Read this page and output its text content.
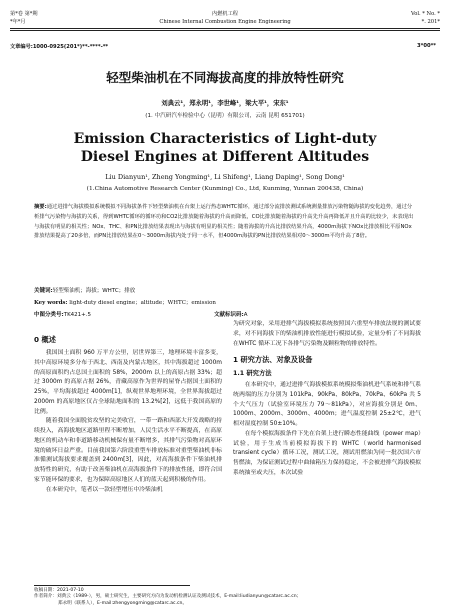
第*卷 第*期	内燃机工程	Vol. * No. *
*年*月	Chinese Internal Combustion Engine Engineering	*. 201*
文章编号:1000-0925(201*)**-****-**	3*00**
轻型柴油机在不同海拔高度的排放特性研究
刘典云¹，郑永明¹，李世峰¹，梁大平¹，宋东¹
(1. 中汽研汽车检验中心（昆明）有限公司，云南 昆明 651701)
Emission Characteristics of Light-duty Diesel Engines at Different Altitudes
Liu Dianyun¹, Zheng Yongming¹, Li Shifeng¹, Liang Daping¹, Song Dong¹
(1.China Automotive Research Center (Kunming) Co., Ltd, Kunming, Yunnan 200438, China)
摘要:通过进排气海拔模拟系统模拟不同海拔条件下轻型柴油机在台架上运行热态WHTC循环，通过部分流排放测试系统测量排放污染物随海拔的变化趋势，通过分析排气污染物与海拔的关系，得到WHTC循环的循环功和CO2比排放随着海拔的升高而降低，CO比排放随着海拔的升高先升高再降低并且升高的比较少，未表现出与海拔有明显的相关性；NOx、THC、和PN比排放结果表现出与海拔有明显的相关性；随着海拔的升高比排放结果升高，4000m海拔下NOx比排放相比平原NOx排放结果提高了20多倍，而PN比排放结果在0～3000m海拔内处于同一水平，但4000m海拔的PN比排放结果相对0～3000m平均升高了8倍。
关键词:轻型柴油机；海拔；WHTC；排放
Key words: light-duty diesel engine；altitude；WHTC；emission
中图分类号:TK421+.5	文献标识码:A
0 概述

我国国土面积 960 万平方公里，居世界第三，地理环境丰富多变，其中高原环境多分布于西北、西南及内蒙古地区，其中海拔超过 1000m 的高原面积约占总国土面积的 58%，2000m 以上的高原占据 33%；超过 3000m 的高原占据 26%，青藏高原作为世界的屋脊占据国土面积的 25%，平均海拔超过 4000m[1]，纵观世界地理环境，全世界海拔超过 2000m 的高原地区仅占全球陆地面积的 13.2%[2]，远低于我国高原的比例。

随着我国全面脱贫攻坚的完美收官，一带一路和西部大开发战略的持续投入，高海拔地区道路里程不断增加，人民生活水平不断提高，在高原地区的机动车和非道路移动机械保有量不断增多，其排气污染物对高原环境的破坏日益严重。目前我国第六阶段重型车排放标准对重型柴油机非标准循测试海拔要求覆盖到 2400m[3]，因此，对高海拔条件下柴油机排放特性的研究，有助于改善柴油机在高海拔条件下的排放性能，即符合国家节能环保的要求，也为保障高原地区人们的蓝天起到积极的作用。

在本研究中，笔者以一款轻型增压中冷柴油机

为研究对象，采用进排气海拔模拟系统按照国六重型车排放法规的测试要求，对不同海拔下的柴油机排放性能进行模拟试验，定量分析了不同海拔在WHTC 循环工况下各排气污染物及颗粒物的排放特性。

1 研究方法、对象及设备
1.1 研究方法

在本研究中，通过进排气海拔模拟系统模拟柴油机进气系统和排气系统两端的压力分别为 101kPa、90kPa、80kPa、70kPa、60kPa 共 5 个大气压力（试验室环境压力 79～81kPa），对应海拔分别是 0m、1000m、2000m、3000m、4000m；进气温度控制 25±2℃，进气相对湿度控制 50±10%。

在每个模拟海拔条件下先在台架上进行瞬态性能曲线（power map）试验，用于生成当前模拟海拔下的 WHTC（world harmonised transient cycle）循环工况，测试工况，测试用燃油为同一批次国六市售燃油，为保证测试过程中曲轴箱压力保持稳定，不会被进排气海拔模拟系统抽至或夫压，本次试验

收稿日期：2021-07-10
作者简介：刘典云（1989-），男，硕士研究生，主要研究方向为发动机检测认证及测试技术，E-mail:liudianyun@catarc.ac.cn；
郑永明（联系人），E-mail:zhengyongming@catarc.ac.cn。
